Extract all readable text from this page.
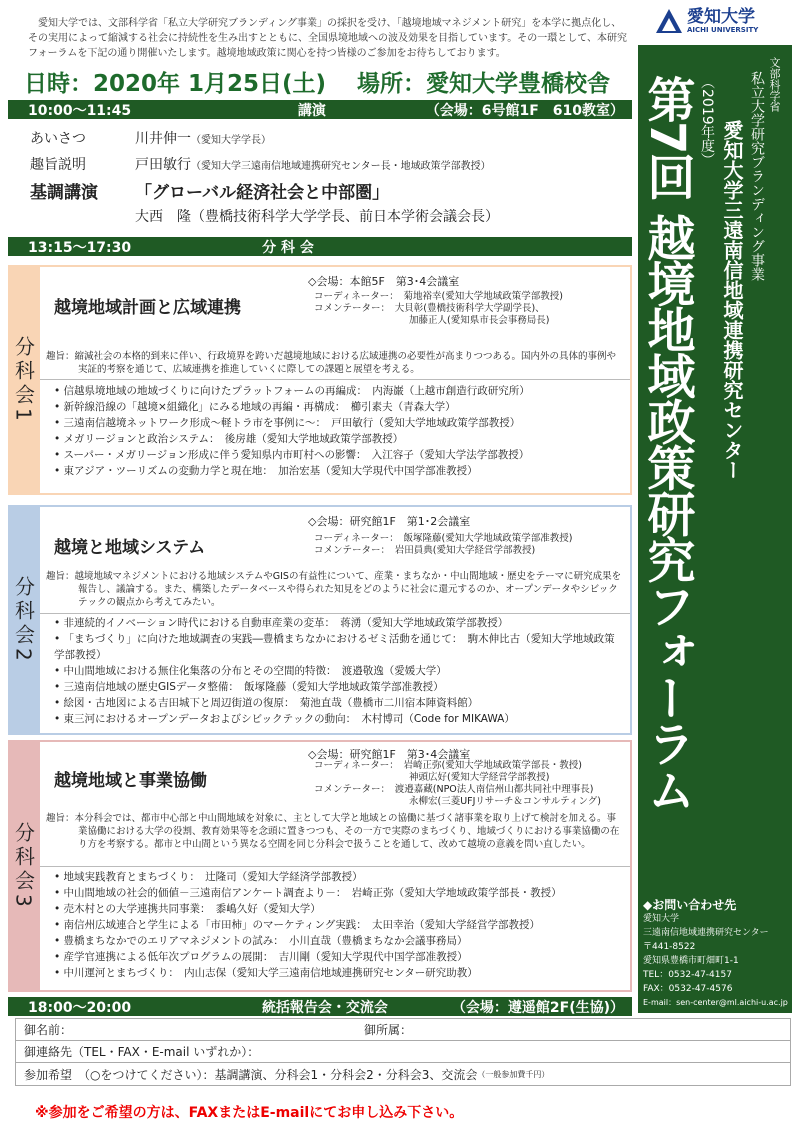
愛知大学では、文部科学省「私立大学研究ブランディング事業」の採択を受け、「越境地域マネジメント研究」を本学に拠点化し、その実用によって縮減する社会に持続性を生み出すとともに、全国県境地域への波及効果を目指しています。その一環として、本研究フォーラムを下記の通り開催いたします。越境地域政策に関心を持つ皆様のご参加をお待ちしております。
日時：2020年 1月25日(土)　 場所：愛知大学豊橋校舎
10:00〜11:45	講演	（会場：6号館1F　610教室）
あいさつ	川井伸一（愛知大学学長）
趣旨説明	戸田敏行（愛知大学三遠南信地域連携研究センター長・地域政策学部教授）
基調講演 「グローバル経済社会と中部圏」
大西　隆（豊橋技術科学大学学長、前日本学術会議会長）
13:15〜17:30	分 科 会
分科会1
越境地域計画と広域連携
◇会場：本館5F　第3･4会議室
コーディネーター：　菊地裕幸(愛知大学地域政策学部教授)
コメンテーター：　大貝彰(豊橋技術科学大学副学長)、
　　　　　　　　　　加藤正人(愛知県市長会事務局長)
趣旨：縮減社会の本格的到来に伴い、行政境界を跨いだ越境地域における広域連携の必要性が高まりつつある。国内外の具体的事例や実証的考察を通じて、広域連携を推進していくに際しての課題と展望を考える。
• 信越県境地域の地域づくりに向けたプラットフォームの再編成：　内海巌（上越市創造行政研究所）
• 新幹線沿線の「越境×組織化」にみる地域の再編・再構成：　櫛引素夫（青森大学）
• 三遠南信越境ネットワーク形成〜軽トラ市を事例に〜：　戸田敏行（愛知大学地域政策学部教授）
• メガリージョンと政治システム：　後房雄（愛知大学地域政策学部教授）
• スーパー・メガリージョン形成に伴う愛知県内市町村への影響：　入江容子（愛知大学法学部教授）
• 東アジア・ツーリズムの変動力学と現在地：　加治宏基（愛知大学現代中国学部准教授）
分科会2
越境と地域システム
◇会場：研究館1F　第1･2会議室
コーディネーター：　飯塚隆藤(愛知大学地域政策学部准教授)
コメンテーター：　岩田員典(愛知大学経営学部教授)
趣旨：越境地域マネジメントにおける地域システムやGISの有益性について、産業・まちなか・中山間地域・歴史をテーマに研究成果を報告し、議論する。また、構築したデータベースや得られた知見をどのように社会に還元するのか、オープンデータやシビックテックの観点から考えてみたい。
• 非連続的イノベーション時代における自動車産業の変革：　蒋湧（愛知大学地域政策学部教授）
• 「まちづくり」に向けた地域調査の実践―豊橋まちなかにおけるゼミ活動を通じて：　駒木伸比古（愛知大学地域政策学部教授）
• 中山間地域における無住化集落の分布とその空間的特徴：　渡邉敬逸（愛媛大学）
• 三遠南信地域の歴史GISデータ整備：　飯塚隆藤（愛知大学地域政策学部准教授）
• 絵図・古地図による吉田城下と周辺街道の復原：　菊池直哉（豊橋市二川宿本陣資料館）
• 東三河におけるオープンデータおよびシビックテックの動向：　木村博司（Code for MIKAWA）
分科会3
越境地域と事業協働
◇会場：研究館1F　第3･4会議室
コーディネーター：　岩崎正弥(愛知大学地域政策学部長・教授)
　　　　　　　　　　神頭広好(愛知大学経営学部教授)
コメンテーター：　渡邉嘉藏(NPO法人南信州山都共同社中理事長)
　　　　　　　　　　永柳宏(三菱UFJリサーチ＆コンサルティング)
趣旨：本分科会では、都市中心部と中山間地域を対象に、主として大学と地域との協働に基づく諸事業を取り上げて検討を加える。事業協働における大学の役割、教育効果等を念頭に置きつつも、その一方で実際のまちづくり、地域づくりにおける事業協働の在り方を考察する。都市と中山間という異なる空間を同じ分科会で扱うことを通して、改めて越境の意義を問い直したい。
• 地域実践教育とまちづくり：　辻隆司（愛知大学経済学部教授）
• 中山間地域の社会的価値－三遠南信アンケート調査より－：　岩崎正弥（愛知大学地域政策学部長・教授）
• 売木村との大学連携共同事業：　黍嶋久好（愛知大学）
• 南信州広域連合と学生による「市田柿」のマーケティング実践：　太田幸治（愛知大学経営学部教授）
• 豊橋まちなかでのエリアマネジメントの試み：　小川直哉（豊橋まちなか会議事務局）
• 産学官連携による低年次プログラムの展開：　吉川剛（愛知大学現代中国学部准教授）
• 中川運河とまちづくり：　内山志保（愛知大学三遠南信地域連携研究センター研究助教）
18:00〜20:00	統括報告会・交流会	（会場：遵遥館2F(生協)）
愛知大学
AICHI UNIVERSITY
文部科学省
私立大学研究ブランディング事業
愛知大学三遠南信地域連携研究センター
（2019年度）
第7回 越境地域政策研究フォーラム
◆お問い合わせ先
愛知大学
三遠南信地域連携研究センター
〒441-8522
愛知県豊橋市町畑町1-1
TEL：0532-47-4157
FAX：0532-47-4576
E-mail：sen-center@ml.aichi-u.ac.jp
御名前：	御所属：
御連絡先（TEL・FAX・E-mail いずれか）：
参加希望　（○をつけてください）：基調講演、分科会1・分科会2・分科会3、交流会 （一般参加費千円）
※参加をご希望の方は、FAXまたはE-mailにてお申し込み下さい。
